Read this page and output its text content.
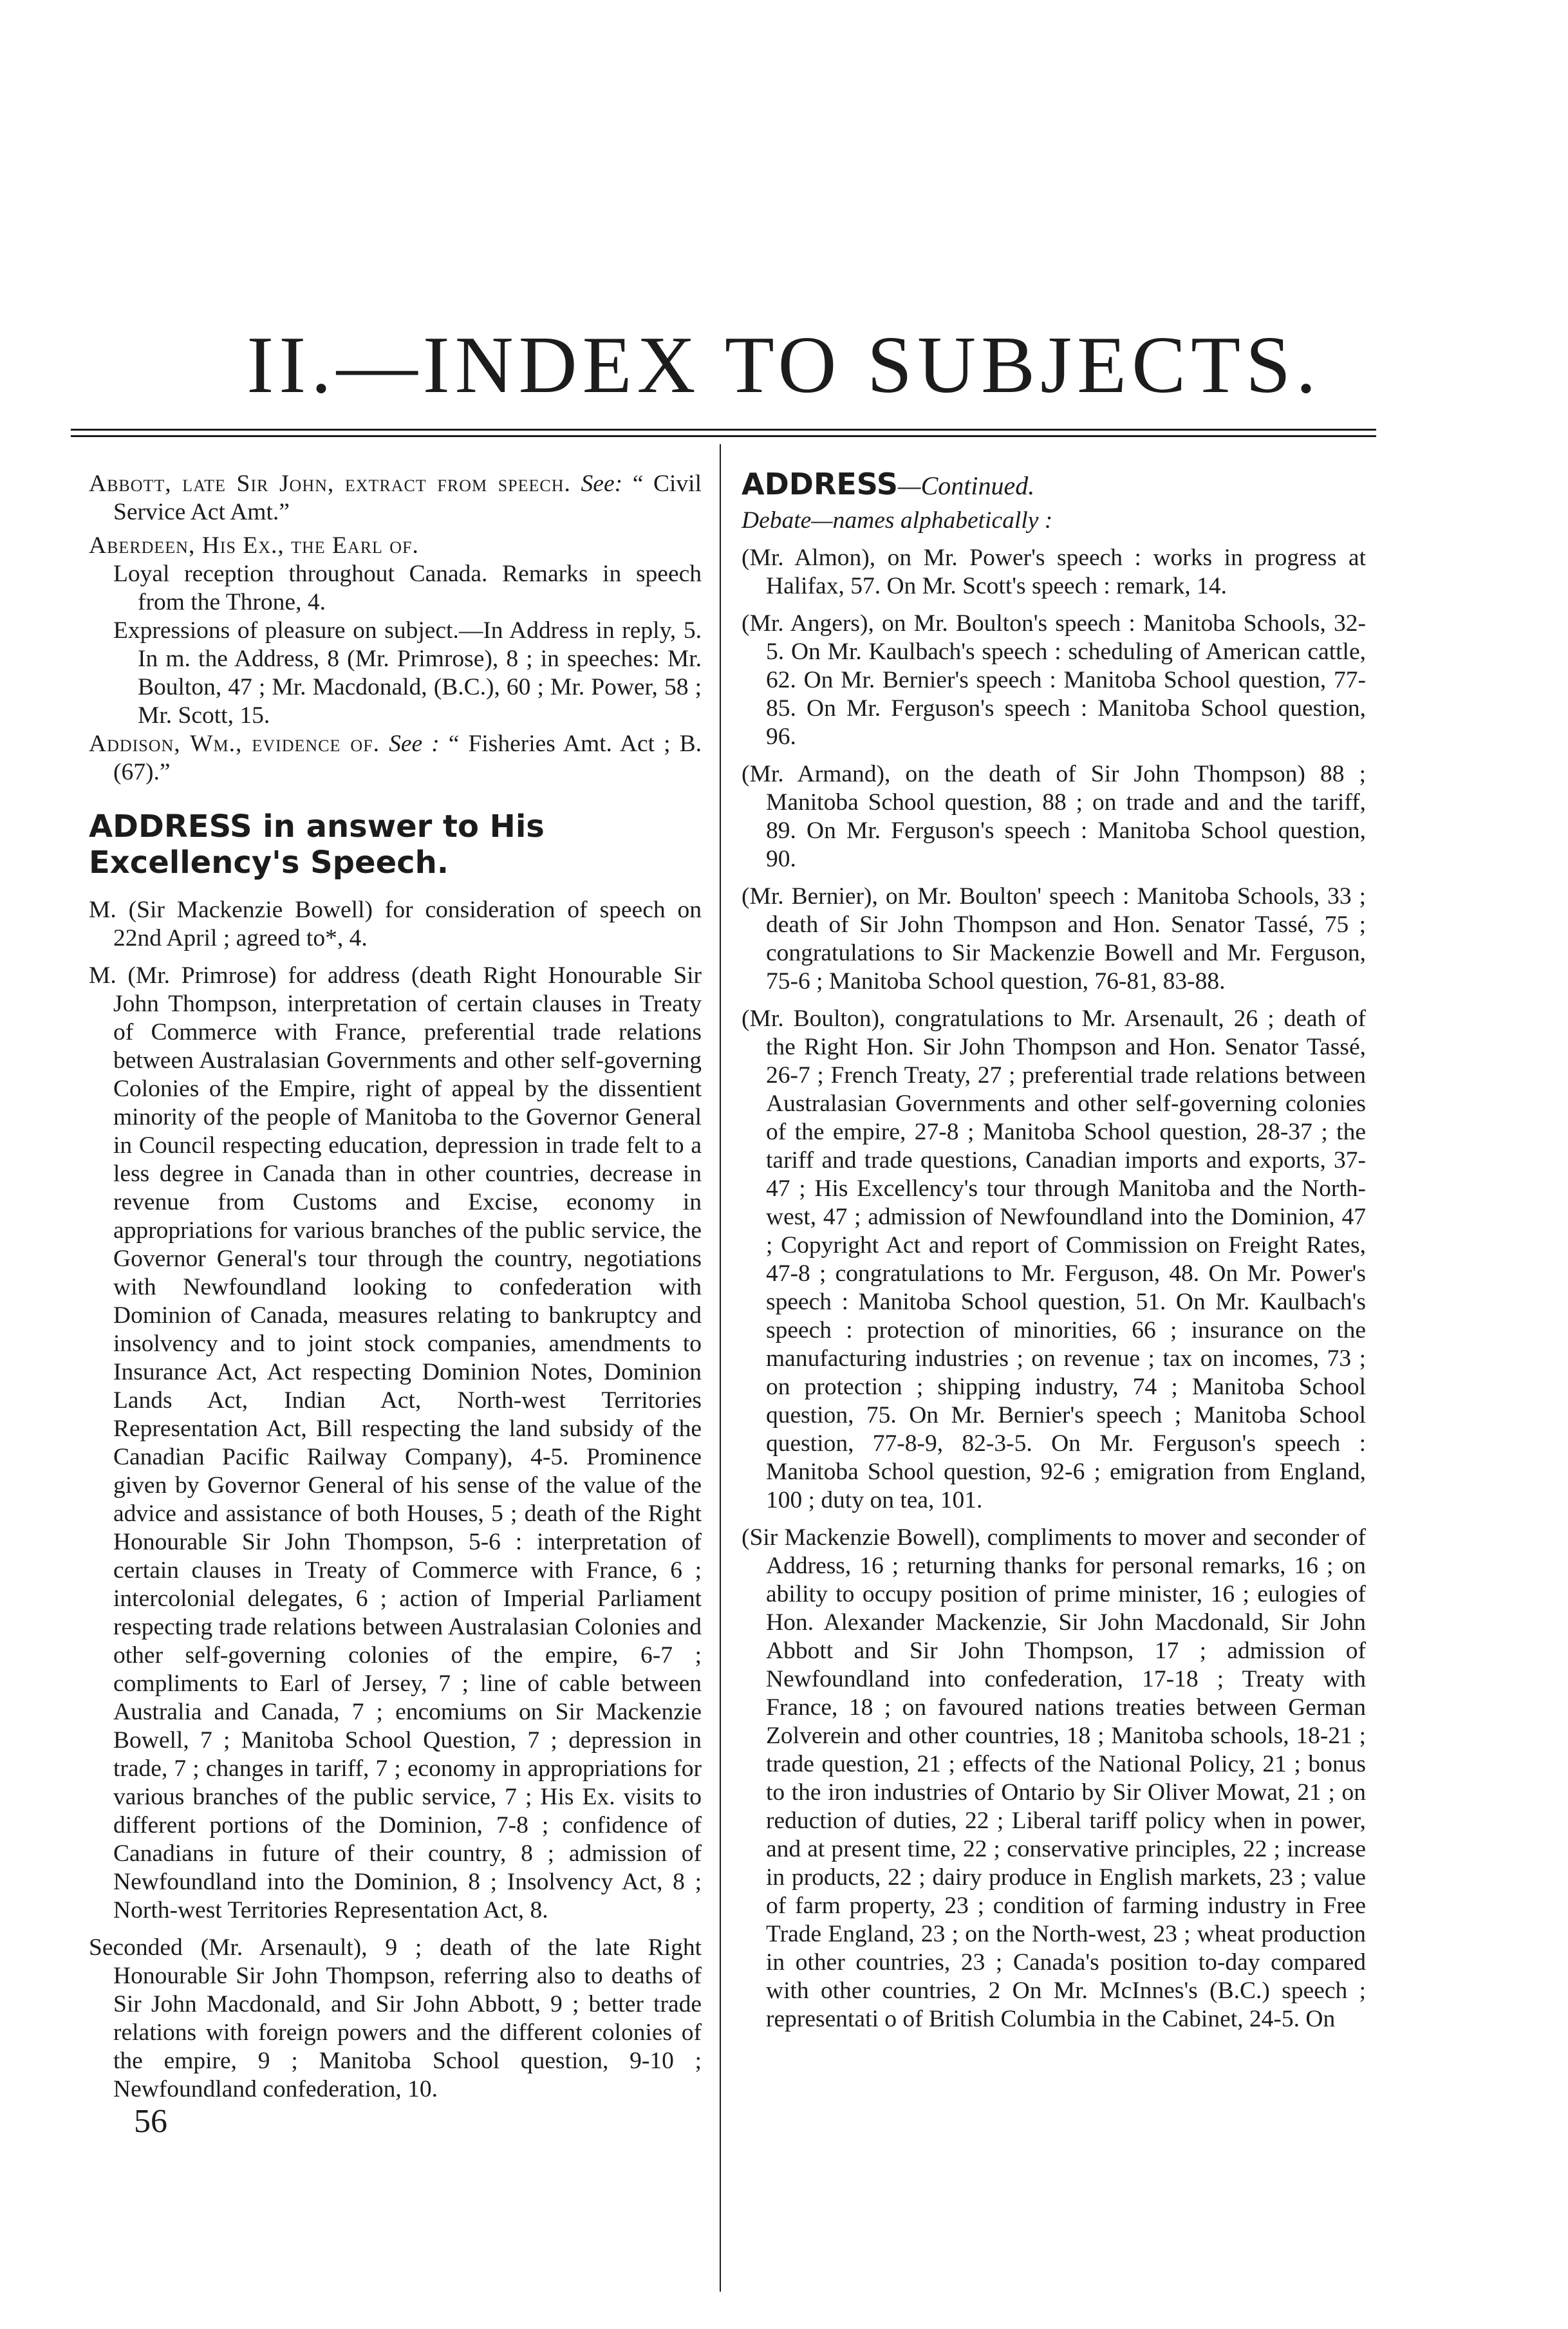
II.—INDEX TO SUBJECTS.

Abbott, late Sir John, extract from speech. See: “ Civil Service Act Amt.”

Aberdeen, His Ex., the Earl of.

Loyal reception throughout Canada. Remarks in speech from the Throne, 4.

Expressions of pleasure on subject.—In Address in reply, 5. In m. the Address, 8 (Mr. Primrose), 8 ; in speeches: Mr. Boulton, 47 ; Mr. Macdonald, (B.C.), 60 ; Mr. Power, 58 ; Mr. Scott, 15.

Addison, Wm., evidence of. See : “ Fisheries Amt. Act ; B. (67).”

ADDRESS in answer to His Excellency's Speech.

M. (Sir Mackenzie Bowell) for consideration of speech on 22nd April ; agreed to*, 4.

M. (Mr. Primrose) for address (death Right Honourable Sir John Thompson, interpretation of certain clauses in Treaty of Commerce with France, preferential trade relations between Australasian Governments and other self-governing Colonies of the Empire, right of appeal by the dissentient minority of the people of Manitoba to the Governor General in Council respecting education, depression in trade felt to a less degree in Canada than in other countries, decrease in revenue from Customs and Excise, economy in appropriations for various branches of the public service, the Governor General's tour through the country, negotiations with Newfoundland looking to confederation with Dominion of Canada, measures relating to bankruptcy and insolvency and to joint stock companies, amendments to Insurance Act, Act respecting Dominion Notes, Dominion Lands Act, Indian Act, North-west Territories Representation Act, Bill respecting the land subsidy of the Canadian Pacific Railway Company), 4-5. Prominence given by Governor General of his sense of the value of the advice and assistance of both Houses, 5 ; death of the Right Honourable Sir John Thompson, 5-6 : interpretation of certain clauses in Treaty of Commerce with France, 6 ; intercolonial delegates, 6 ; action of Imperial Parliament respecting trade relations between Australasian Colonies and other self-governing colonies of the empire, 6-7 ; compliments to Earl of Jersey, 7 ; line of cable between Australia and Canada, 7 ; encomiums on Sir Mackenzie Bowell, 7 ; Manitoba School Question, 7 ; depression in trade, 7 ; changes in tariff, 7 ; economy in appropriations for various branches of the public service, 7 ; His Ex. visits to different portions of the Dominion, 7-8 ; confidence of Canadians in future of their country, 8 ; admission of Newfoundland into the Dominion, 8 ; Insolvency Act, 8 ; North-west Territories Representation Act, 8.

Seconded (Mr. Arsenault), 9 ; death of the late Right Honourable Sir John Thompson, referring also to deaths of Sir John Macdonald, and Sir John Abbott, 9 ; better trade relations with foreign powers and the different colonies of the empire, 9 ; Manitoba School question, 9-10 ; Newfoundland confederation, 10.

56

ADDRESS—Continued.

Debate—names alphabetically :

(Mr. Almon), on Mr. Power's speech : works in progress at Halifax, 57. On Mr. Scott's speech : remark, 14.

(Mr. Angers), on Mr. Boulton's speech : Manitoba Schools, 32-5. On Mr. Kaulbach's speech : scheduling of American cattle, 62. On Mr. Bernier's speech : Manitoba School question, 77-85. On Mr. Ferguson's speech : Manitoba School question, 96.

(Mr. Armand), on the death of Sir John Thompson) 88 ; Manitoba School question, 88 ; on trade and and the tariff, 89. On Mr. Ferguson's speech : Manitoba School question, 90.

(Mr. Bernier), on Mr. Boulton' speech : Manitoba Schools, 33 ; death of Sir John Thompson and Hon. Senator Tassé, 75 ; congratulations to Sir Mackenzie Bowell and Mr. Ferguson, 75-6 ; Manitoba School question, 76-81, 83-88.

(Mr. Boulton), congratulations to Mr. Arsenault, 26 ; death of the Right Hon. Sir John Thompson and Hon. Senator Tassé, 26-7 ; French Treaty, 27 ; preferential trade relations between Australasian Governments and other self-governing colonies of the empire, 27-8 ; Manitoba School question, 28-37 ; the tariff and trade questions, Canadian imports and exports, 37-47 ; His Excellency's tour through Manitoba and the North-west, 47 ; admission of Newfoundland into the Dominion, 47 ; Copyright Act and report of Commission on Freight Rates, 47-8 ; congratulations to Mr. Ferguson, 48. On Mr. Power's speech : Manitoba School question, 51. On Mr. Kaulbach's speech : protection of minorities, 66 ; insurance on the manufacturing industries ; on revenue ; tax on incomes, 73 ; on protection ; shipping industry, 74 ; Manitoba School question, 75. On Mr. Bernier's speech ; Manitoba School question, 77-8-9, 82-3-5. On Mr. Ferguson's speech : Manitoba School question, 92-6 ; emigration from England, 100 ; duty on tea, 101.

(Sir Mackenzie Bowell), compliments to mover and seconder of Address, 16 ; returning thanks for personal remarks, 16 ; on ability to occupy position of prime minister, 16 ; eulogies of Hon. Alexander Mackenzie, Sir John Macdonald, Sir John Abbott and Sir John Thompson, 17 ; admission of Newfoundland into confederation, 17-18 ; Treaty with France, 18 ; on favoured nations treaties between German Zolverein and other countries, 18 ; Manitoba schools, 18-21 ; trade question, 21 ; effects of the National Policy, 21 ; bonus to the iron industries of Ontario by Sir Oliver Mowat, 21 ; on reduction of duties, 22 ; Liberal tariff policy when in power, and at present time, 22 ; conservative principles, 22 ; increase in products, 22 ; dairy produce in English markets, 23 ; value of farm property, 23 ; condition of farming industry in Free Trade England, 23 ; on the North-west, 23 ; wheat production in other countries, 23 ; Canada's position to-day compared with other countries, 2 On Mr. McInnes's (B.C.) speech ; representati o of British Columbia in the Cabinet, 24-5. On
